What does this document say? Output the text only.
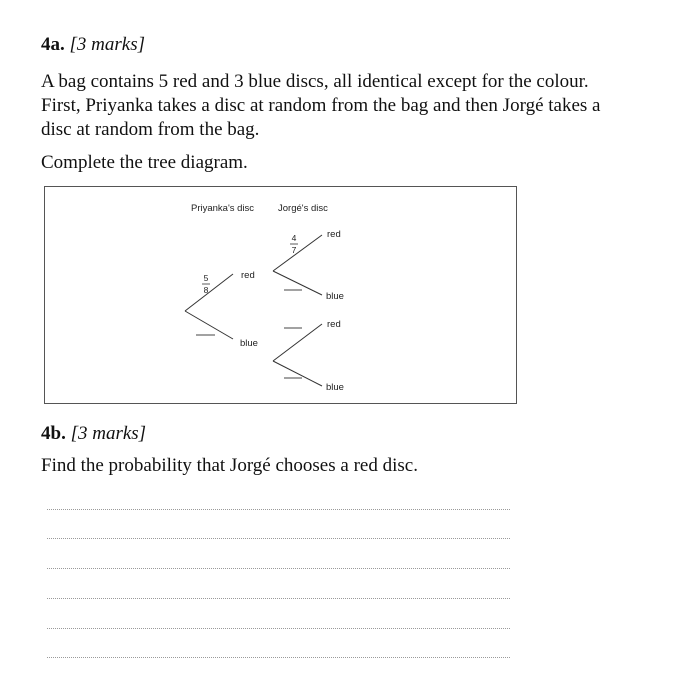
4a. [3 marks]
A bag contains 5 red and 3 blue discs, all identical except for the colour.
First, Priyanka takes a disc at random from the bag and then Jorgé takes a
disc at random from the bag.
Complete the tree diagram.
Priyanka's disc	Jorgé's disc
red
blue
5
8
red
blue
4
7
red
blue
4b. [3 marks]
Find the probability that Jorgé chooses a red disc.
